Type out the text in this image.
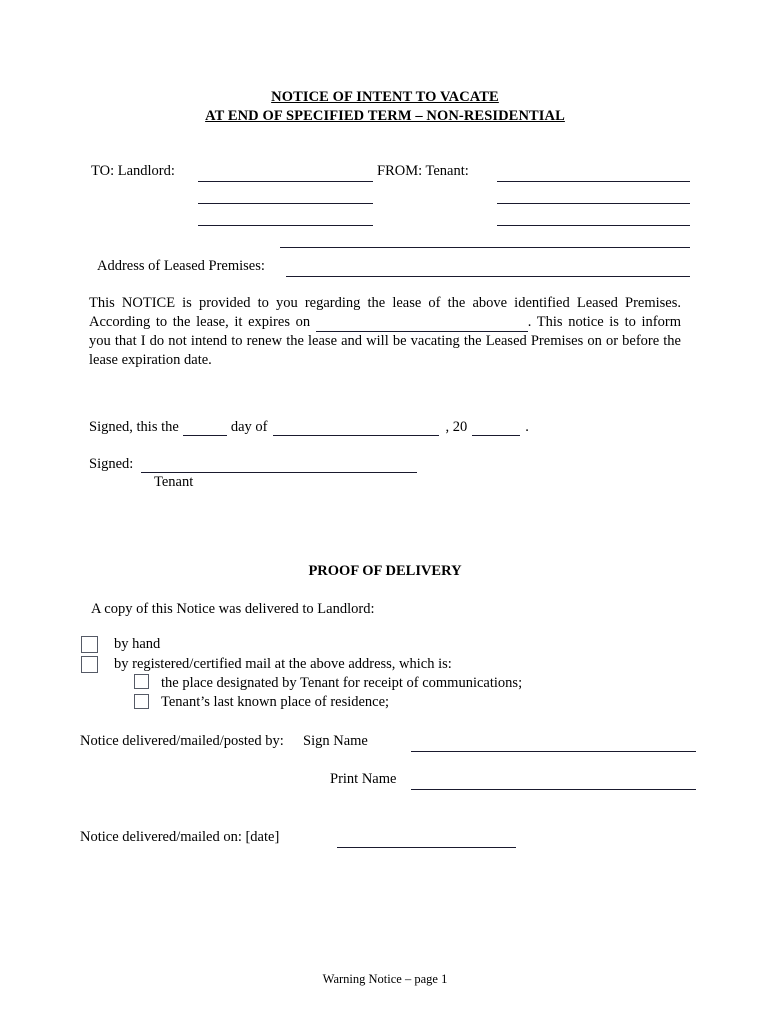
NOTICE OF INTENT TO VACATE
AT END OF SPECIFIED TERM – NON-RESIDENTIAL
TO: Landlord:	FROM: Tenant:
Address of Leased Premises:
This NOTICE is provided to you regarding the lease of the above identified Leased Premises. According to the lease, it expires on	. This notice is to inform you that I do not intend to renew the lease and will be vacating the Leased Premises on or before the lease expiration date.
Signed, this the	day of	, 20	.
Signed:
Tenant
PROOF OF DELIVERY
A copy of this Notice was delivered to Landlord:
by hand
by registered/certified mail at the above address, which is:
the place designated by Tenant for receipt of communications;
Tenant’s last known place of residence;
Notice delivered/mailed/posted by: Sign Name
Print Name
Notice delivered/mailed on: [date]
Warning Notice – page 1
